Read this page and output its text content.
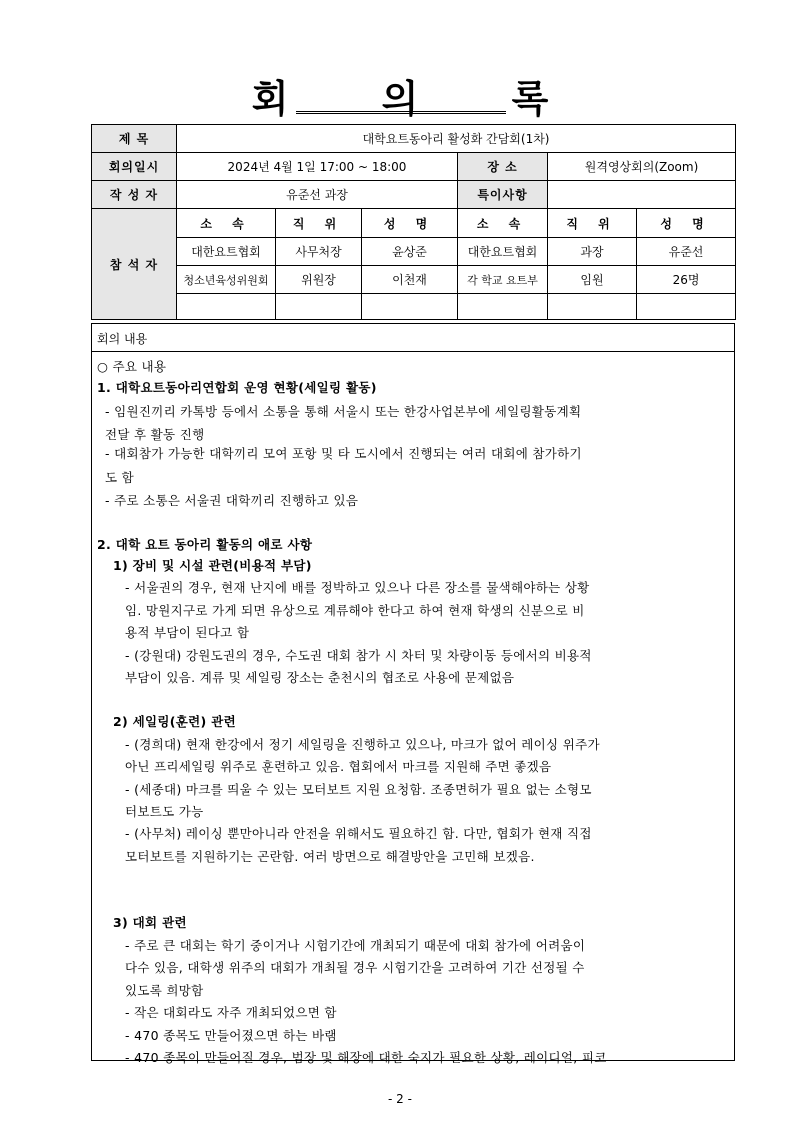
회 의 록
제 목	대학요트동아리 활성화 간담회(1차)					
회의일시	2024년 4월 1일 17:00 ~ 18:00			장 소	원격영상회의(Zoom)	
작 성 자	유준선 과장			특이사항		
참 석 자	소 속	직 위	성 명	소 속	직 위	성 명
	대한요트협회	사무처장	윤상준	대한요트협회	과장	유준선
	청소년육성위원회	위원장	이천재	각 학교 요트부	임원	26명

회의 내용
○ 주요 내용
1. 대학요트동아리연합회 운영 현황(세일링 활동)
- 임원진끼리 카톡방 등에서 소통을 통해 서울시 또는 한강사업본부에 세일링활동계획
전달 후 활동 진행
- 대회참가 가능한 대학끼리 모여 포항 및 타 도시에서 진행되는 여러 대회에 참가하기
도 함
- 주로 소통은 서울권 대학끼리 진행하고 있음
2. 대학 요트 동아리 활동의 애로 사항
1) 장비 및 시설 관련(비용적 부담)
- 서울권의 경우, 현재 난지에 배를 정박하고 있으나 다른 장소를 물색해야하는 상황
임. 망원지구로 가게 되면 유상으로 계류해야 한다고 하여 현재 학생의 신분으로 비
용적 부담이 된다고 함
- (강원대) 강원도권의 경우, 수도권 대회 참가 시 차터 및 차량이동 등에서의 비용적
부담이 있음. 계류 및 세일링 장소는 춘천시의 협조로 사용에 문제없음
2) 세일링(훈련) 관련
- (경희대) 현재 한강에서 정기 세일링을 진행하고 있으나, 마크가 없어 레이싱 위주가
아닌 프리세일링 위주로 훈련하고 있음. 협회에서 마크를 지원해 주면 좋겠음
- (세종대) 마크를 띄울 수 있는 모터보트 지원 요청함. 조종면허가 필요 없는 소형모
터보트도 가능
- (사무처) 레이싱 뿐만아니라 안전을 위해서도 필요하긴 함. 다만, 협회가 현재 직접
모터보트를 지원하기는 곤란함. 여러 방면으로 해결방안을 고민해 보겠음.
3) 대회 관련
- 주로 큰 대회는 학기 중이거나 시험기간에 개최되기 때문에 대회 참가에 어려움이
다수 있음, 대학생 위주의 대회가 개최될 경우 시험기간을 고려하여 기간 선정될 수
있도록 희망함
- 작은 대회라도 자주 개최되었으면 함
- 470 종목도 만들어졌으면 하는 바램
- 470 종목이 만들어질 경우, 범장 및 해장에 대한 숙지가 필요한 상황, 레이디얼, 피코
- 2 -
